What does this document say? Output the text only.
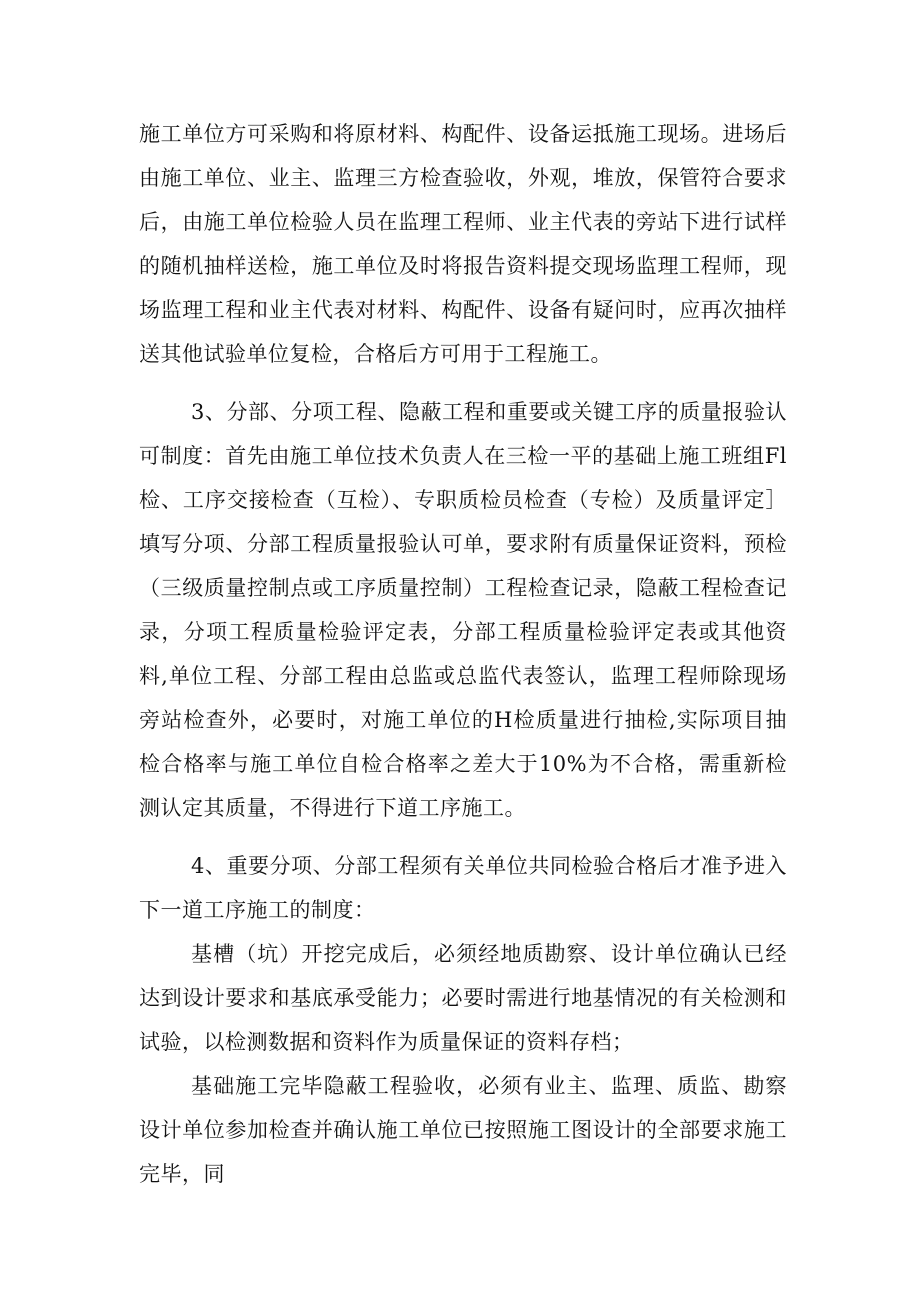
施工单位方可采购和将原材料、构配件、设备运抵施工现场。进场后由施工单位、业主、监理三方检查验收，外观，堆放，保管符合要求后，由施工单位检验人员在监理工程师、业主代表的旁站下进行试样的随机抽样送检，施工单位及时将报告资料提交现场监理工程师，现场监理工程和业主代表对材料、构配件、设备有疑问时，应再次抽样送其他试验单位复检，合格后方可用于工程施工。

3、分部、分项工程、隐蔽工程和重要或关键工序的质量报验认可制度：首先由施工单位技术负责人在三检一平的基础上施工班组Fl检、工序交接检查（互检）、专职质检员检查（专检）及质量评定］填写分项、分部工程质量报验认可单，要求附有质量保证资料，预检（三级质量控制点或工序质量控制）工程检查记录，隐蔽工程检查记录，分项工程质量检验评定表，分部工程质量检验评定表或其他资料,单位工程、分部工程由总监或总监代表签认，监理工程师除现场旁站检查外，必要时，对施工单位的H检质量进行抽检,实际项目抽检合格率与施工单位自检合格率之差大于10%为不合格，需重新检测认定其质量，不得进行下道工序施工。

4、重要分项、分部工程须有关单位共同检验合格后才准予进入下一道工序施工的制度：

基槽（坑）开挖完成后，必须经地质勘察、设计单位确认已经达到设计要求和基底承受能力；必要时需进行地基情况的有关检测和试验，以检测数据和资料作为质量保证的资料存档；

基础施工完毕隐蔽工程验收，必须有业主、监理、质监、勘察设计单位参加检查并确认施工单位已按照施工图设计的全部要求施工完毕，同
